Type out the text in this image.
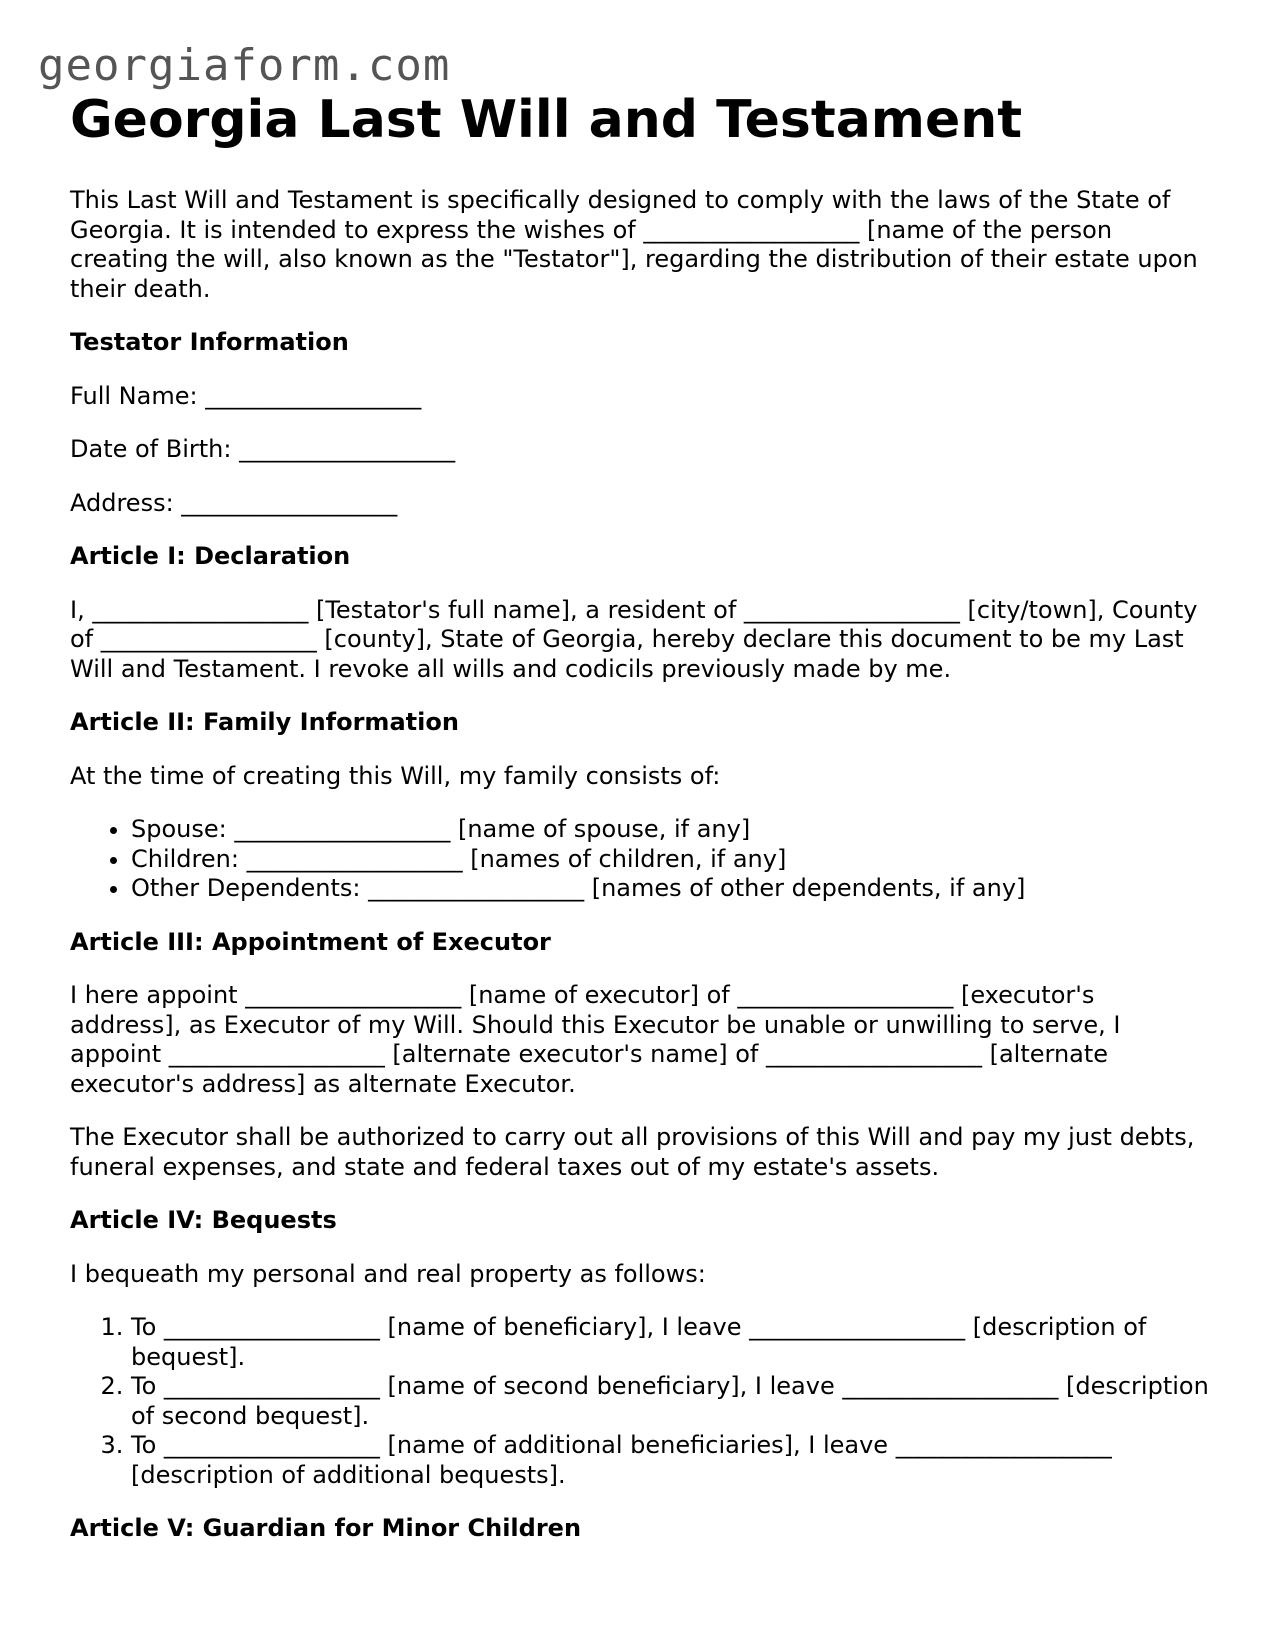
georgiaform.com
Georgia Last Will and Testament

This Last Will and Testament is specifically designed to comply with the laws of the State of Georgia. It is intended to express the wishes of __________________ [name of the person creating the will, also known as the "Testator"], regarding the distribution of their estate upon their death.

Testator Information

Full Name: __________________

Date of Birth: __________________

Address: __________________

Article I: Declaration

I, __________________ [Testator's full name], a resident of __________________ [city/town], County of __________________ [county], State of Georgia, hereby declare this document to be my Last Will and Testament. I revoke all wills and codicils previously made by me.

Article II: Family Information

At the time of creating this Will, my family consists of:

• Spouse: __________________ [name of spouse, if any]
• Children: __________________ [names of children, if any]
• Other Dependents: __________________ [names of other dependents, if any]
Article III: Appointment of Executor

I here appoint __________________ [name of executor] of __________________ [executor's address], as Executor of my Will. Should this Executor be unable or unwilling to serve, I appoint __________________ [alternate executor's name] of __________________ [alternate executor's address] as alternate Executor.

The Executor shall be authorized to carry out all provisions of this Will and pay my just debts, funeral expenses, and state and federal taxes out of my estate's assets.

Article IV: Bequests

I bequeath my personal and real property as follows:

1. To __________________ [name of beneficiary], I leave __________________ [description of bequest].
2. To __________________ [name of second beneficiary], I leave __________________ [description of second bequest].
3. To __________________ [name of additional beneficiaries], I leave __________________ [description of additional bequests].
Article V: Guardian for Minor Children
